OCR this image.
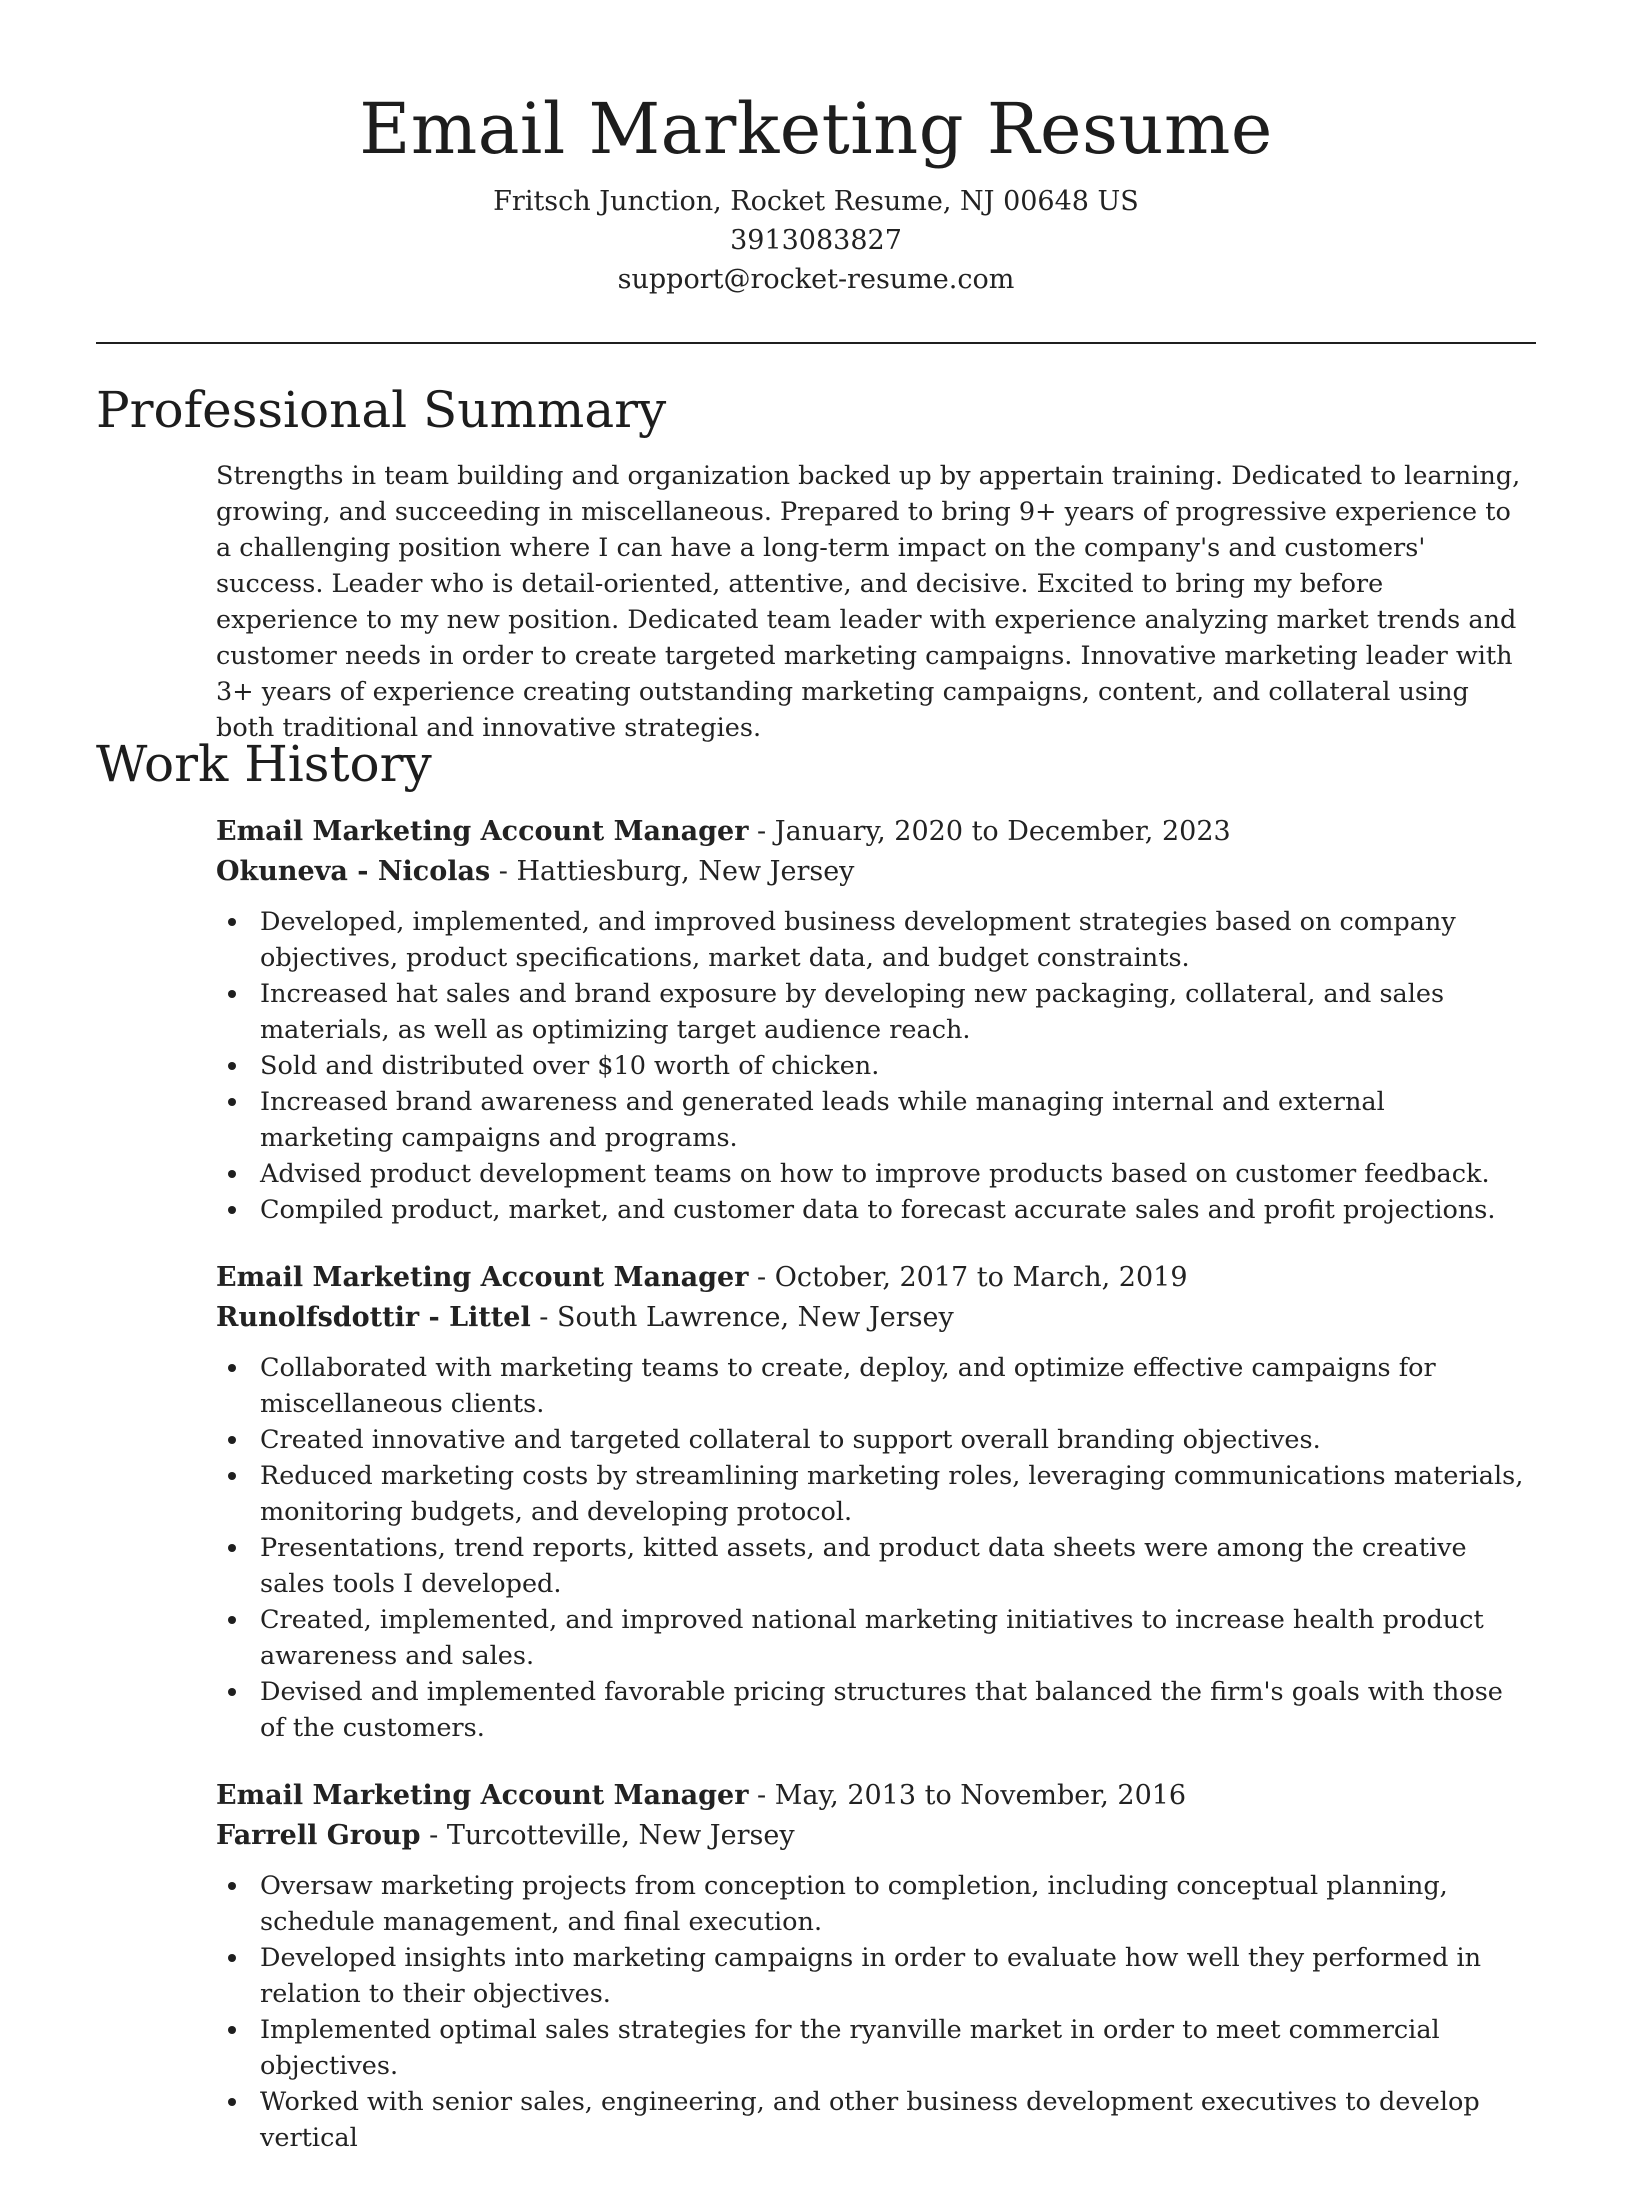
Email Marketing Resume

Fritsch Junction, Rocket Resume, NJ 00648 US

3913083827

support@rocket-resume.com

Professional Summary

Strengths in team building and organization backed up by appertain training. Dedicated to learning, growing, and succeeding in miscellaneous. Prepared to bring 9+ years of progressive experience to a challenging position where I can have a long-term impact on the company's and customers' success. Leader who is detail-oriented, attentive, and decisive. Excited to bring my before experience to my new position. Dedicated team leader with experience analyzing market trends and customer needs in order to create targeted marketing campaigns. Innovative marketing leader with 3+ years of experience creating outstanding marketing campaigns, content, and collateral using both traditional and innovative strategies.

Work History

Email Marketing Account Manager - January, 2020 to December, 2023

Okuneva - Nicolas - Hattiesburg, New Jersey

Developed, implemented, and improved business development strategies based on company objectives, product specifications, market data, and budget constraints.
Increased hat sales and brand exposure by developing new packaging, collateral, and sales materials, as well as optimizing target audience reach.
Sold and distributed over $10 worth of chicken.
Increased brand awareness and generated leads while managing internal and external marketing campaigns and programs.
Advised product development teams on how to improve products based on customer feedback.
Compiled product, market, and customer data to forecast accurate sales and profit projections.

Email Marketing Account Manager - October, 2017 to March, 2019

Runolfsdottir - Littel - South Lawrence, New Jersey

Collaborated with marketing teams to create, deploy, and optimize effective campaigns for miscellaneous clients.
Created innovative and targeted collateral to support overall branding objectives.
Reduced marketing costs by streamlining marketing roles, leveraging communications materials, monitoring budgets, and developing protocol.
Presentations, trend reports, kitted assets, and product data sheets were among the creative sales tools I developed.
Created, implemented, and improved national marketing initiatives to increase health product awareness and sales.
Devised and implemented favorable pricing structures that balanced the firm's goals with those of the customers.

Email Marketing Account Manager - May, 2013 to November, 2016

Farrell Group - Turcotteville, New Jersey

Oversaw marketing projects from conception to completion, including conceptual planning, schedule management, and final execution.
Developed insights into marketing campaigns in order to evaluate how well they performed in relation to their objectives.
Implemented optimal sales strategies for the ryanville market in order to meet commercial objectives.
Worked with senior sales, engineering, and other business development executives to develop vertical
